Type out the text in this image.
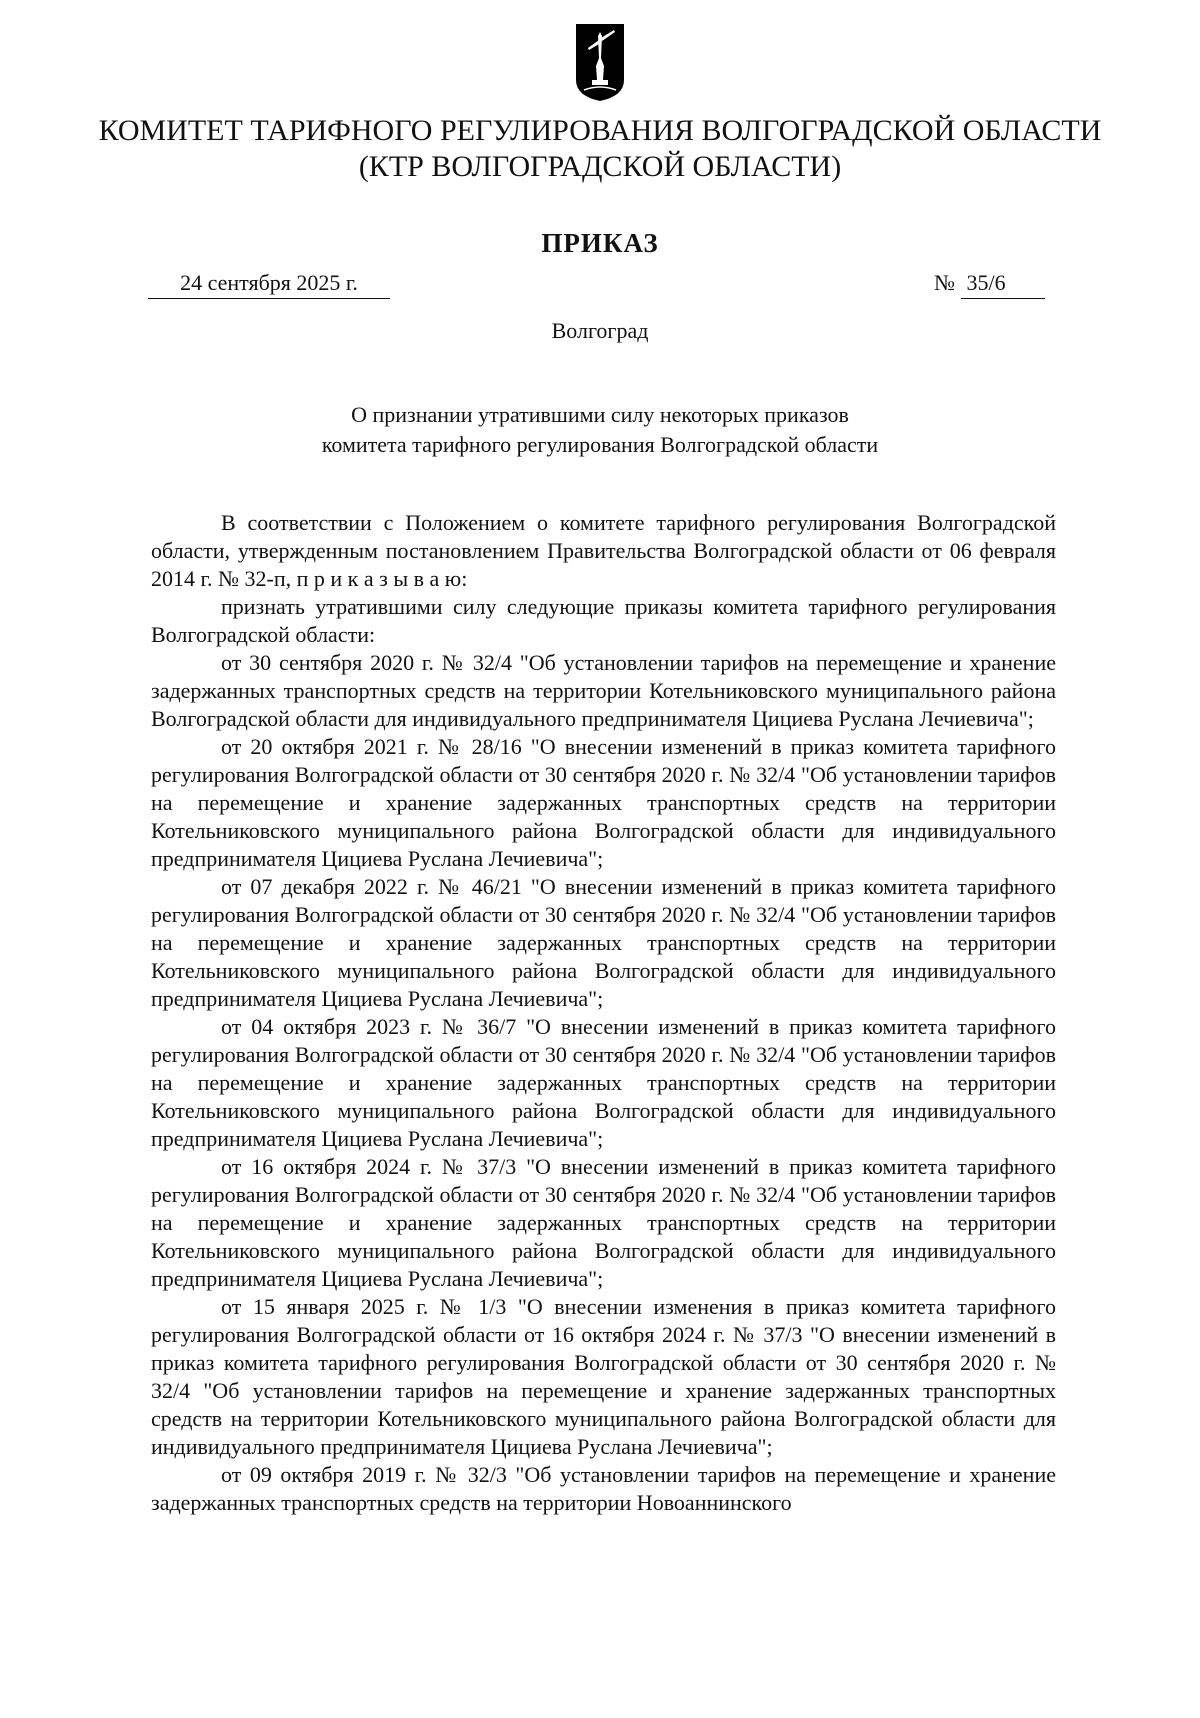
КОМИТЕТ ТАРИФНОГО РЕГУЛИРОВАНИЯ ВОЛГОГРАДСКОЙ ОБЛАСТИ
(КТР ВОЛГОГРАДСКОЙ ОБЛАСТИ)
ПРИКАЗ
24 сентября 2025 г.	№ 35/6
Волгоград
О признании утратившими силу некоторых приказов
комитета тарифного регулирования Волгоградской области

В соответствии с Положением о комитете тарифного регулирования Волгоградской области, утвержденным постановлением Правительства Волгоградской области от 06 февраля 2014 г. № 32-п, п р и к а з ы в а ю:

признать утратившими силу следующие приказы комитета тарифного регулирования Волгоградской области:

от 30 сентября 2020 г. № 32/4 "Об установлении тарифов на перемещение и хранение задержанных транспортных средств на территории Котельниковского муниципального района Волгоградской области для индивидуального предпринимателя Цициева Руслана Лечиевича";

от 20 октября 2021 г. № 28/16 "О внесении изменений в приказ комитета тарифного регулирования Волгоградской области от 30 сентября 2020 г. № 32/4 "Об установлении тарифов на перемещение и хранение задержанных транспортных средств на территории Котельниковского муниципального района Волгоградской области для индивидуального предпринимателя Цициева Руслана Лечиевича";

от 07 декабря 2022 г. № 46/21 "О внесении изменений в приказ комитета тарифного регулирования Волгоградской области от 30 сентября 2020 г. № 32/4 "Об установлении тарифов на перемещение и хранение задержанных транспортных средств на территории Котельниковского муниципального района Волгоградской области для индивидуального предпринимателя Цициева Руслана Лечиевича";

от 04 октября 2023 г. № 36/7 "О внесении изменений в приказ комитета тарифного регулирования Волгоградской области от 30 сентября 2020 г. № 32/4 "Об установлении тарифов на перемещение и хранение задержанных транспортных средств на территории Котельниковского муниципального района Волгоградской области для индивидуального предпринимателя Цициева Руслана Лечиевича";

от 16 октября 2024 г. № 37/3 "О внесении изменений в приказ комитета тарифного регулирования Волгоградской области от 30 сентября 2020 г. № 32/4 "Об установлении тарифов на перемещение и хранение задержанных транспортных средств на территории Котельниковского муниципального района Волгоградской области для индивидуального предпринимателя Цициева Руслана Лечиевича";

от 15 января 2025 г. № 1/3 "О внесении изменения в приказ комитета тарифного регулирования Волгоградской области от 16 октября 2024 г. № 37/3 "О внесении изменений в приказ комитета тарифного регулирования Волгоградской области от 30 сентября 2020 г. № 32/4 "Об установлении тарифов на перемещение и хранение задержанных транспортных средств на территории Котельниковского муниципального района Волгоградской области для индивидуального предпринимателя Цициева Руслана Лечиевича";

от 09 октября 2019 г. № 32/3 "Об установлении тарифов на перемещение и хранение задержанных транспортных средств на территории Новоаннинского
